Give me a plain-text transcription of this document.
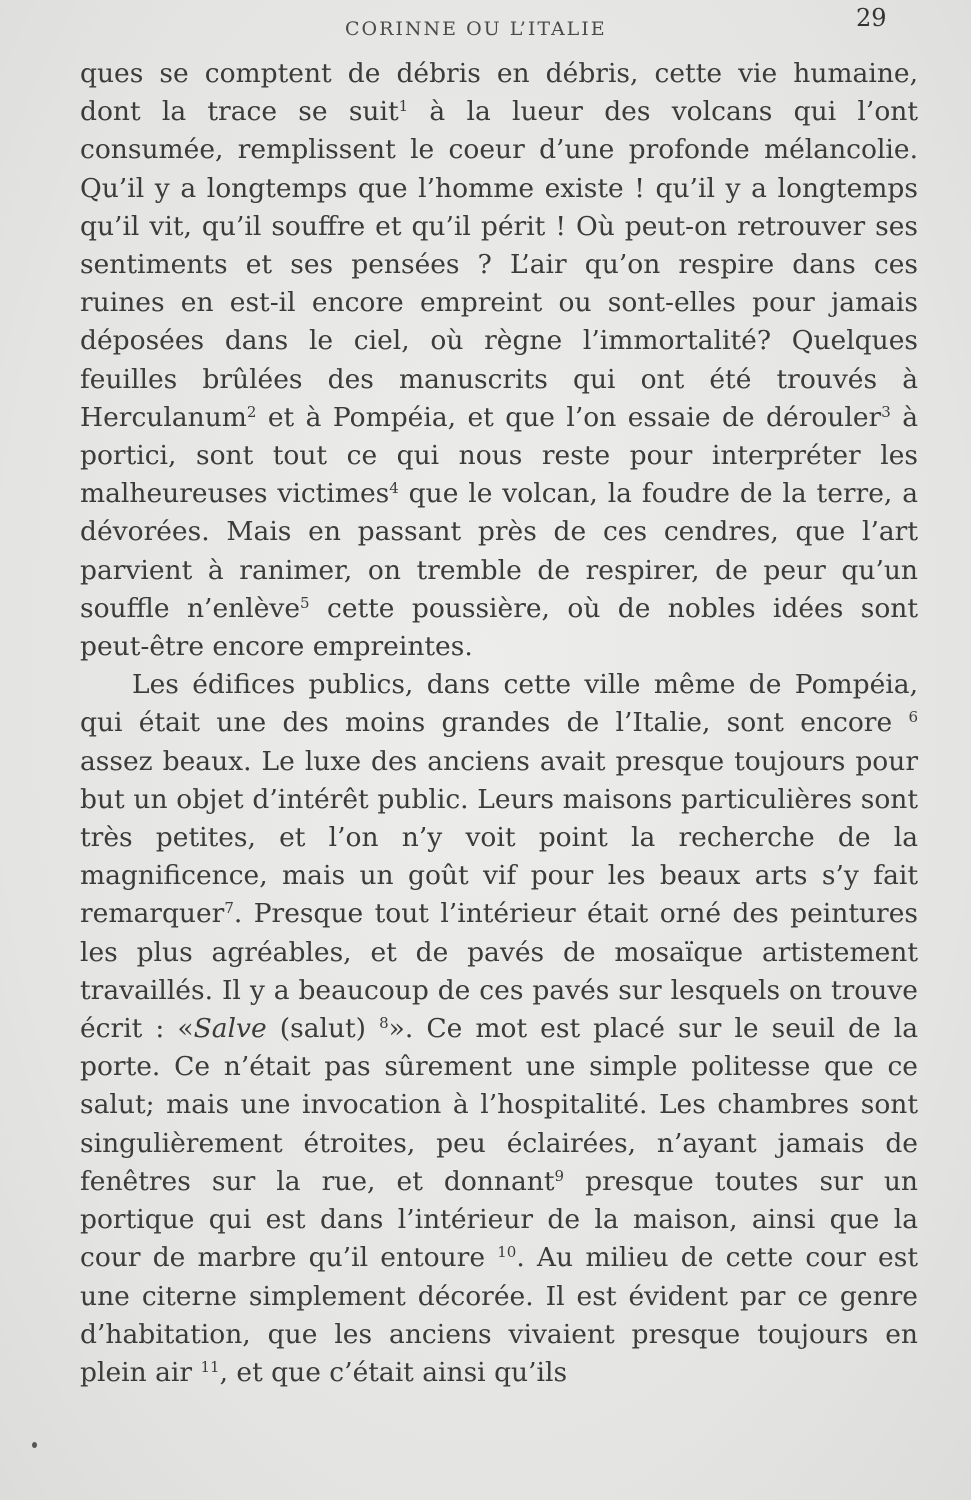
CORINNE OU L’ITALIE	29

ques se comptent de débris en débris, cette vie humaine, dont la trace se suit$^1$ à la lueur des volcans qui l’ont consumée, remplissent le coeur d’une profonde mélancolie. Qu’il y a longtemps que l’homme existe ! qu’il y a longtemps qu’il vit, qu’il souffre et qu’il périt ! Où peut-on retrouver ses sentiments et ses pensées ? L’air qu’on respire dans ces ruines en est-il encore empreint ou sont-elles pour jamais déposées dans le ciel, où règne l’immortalité? Quelques feuilles brûlées des manuscrits qui ont été trouvés à Herculanum$^2$ et à Pompéia, et que l’on essaie de dérouler$^3$ à portici, sont tout ce qui nous reste pour interpréter les malheureuses victimes$^4$ que le volcan, la foudre de la terre, a dévorées. Mais en passant près de ces cendres, que l’art parvient à ranimer, on tremble de respirer, de peur qu’un souffle n’enlève$^5$ cette poussière, où de nobles idées sont peut-être encore empreintes.

Les édifices publics, dans cette ville même de Pompéia, qui était une des moins grandes de l’Italie, sont encore $^6$ assez beaux. Le luxe des anciens avait presque toujours pour but un objet d’intérêt public. Leurs maisons particulières sont très petites, et l’on n’y voit point la recherche de la magnificence, mais un goût vif pour les beaux arts s’y fait remarquer$^7$. Presque tout l’intérieur était orné des peintures les plus agréables, et de pavés de mosaïque artistement travaillés. Il y a beaucoup de ces pavés sur lesquels on trouve écrit : «Salve (salut) $^8$». Ce mot est placé sur le seuil de la porte. Ce n’était pas sûrement une simple politesse que ce salut; mais une invocation à l’hospitalité. Les chambres sont singulièrement étroites, peu éclairées, n’ayant jamais de fenêtres sur la rue, et donnant$^9$ presque toutes sur un portique qui est dans l’intérieur de la maison, ainsi que la cour de marbre qu’il entoure $^{10}$. Au milieu de cette cour est une citerne simplement décorée. Il est évident par ce genre d’habitation, que les anciens vivaient presque toujours en plein air $^{11}$, et que c’était ainsi qu’ils
